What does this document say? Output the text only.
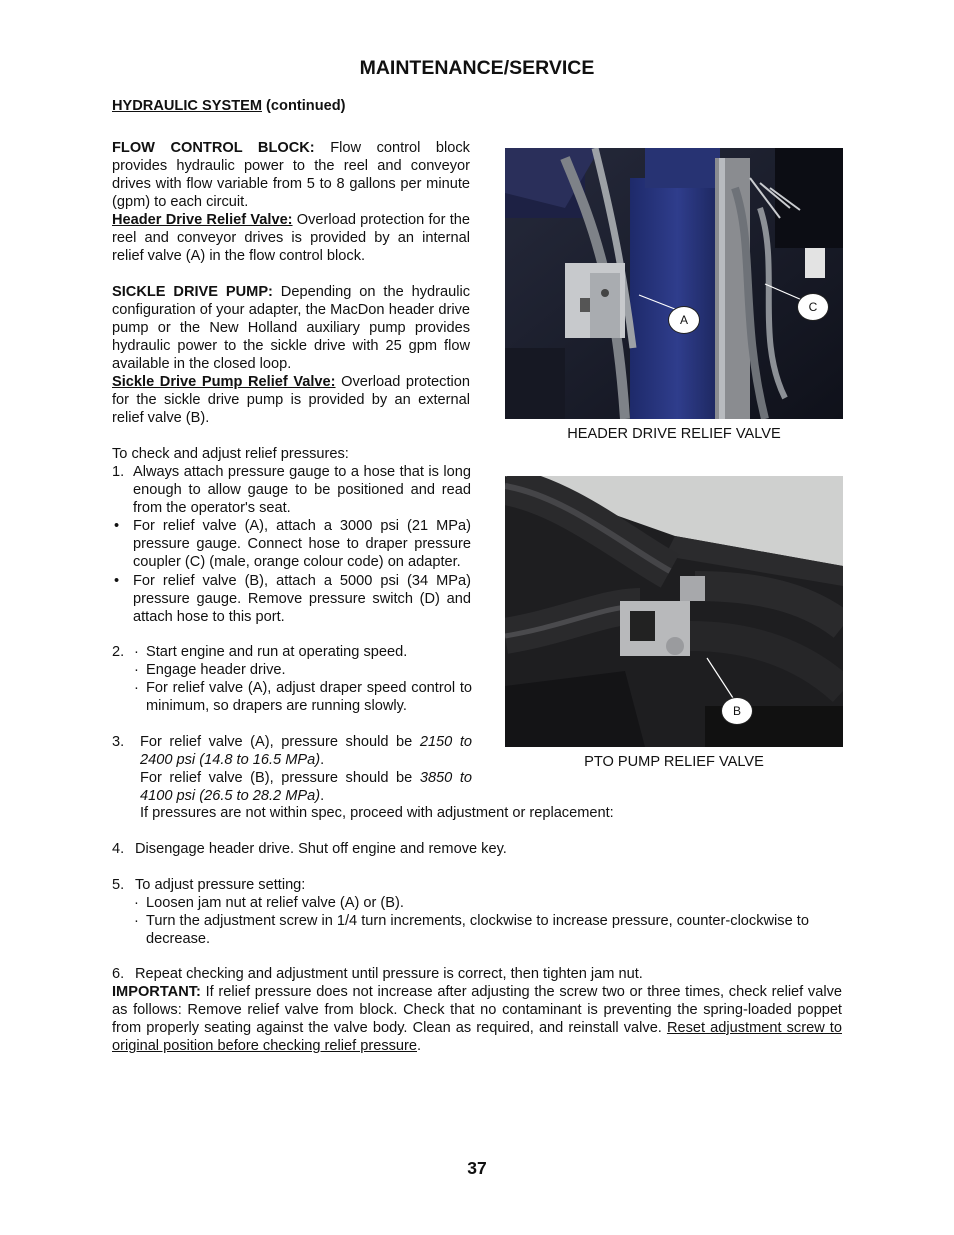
MAINTENANCE/SERVICE
HYDRAULIC SYSTEM (continued)
FLOW CONTROL BLOCK: Flow control block provides hydraulic power to the reel and conveyor drives with flow variable from 5 to 8 gallons per minute (gpm) to each circuit.
Header Drive Relief Valve: Overload protection for the reel and conveyor drives is provided by an internal relief valve (A) in the flow control block.
SICKLE DRIVE PUMP: Depending on the hydraulic configuration of your adapter, the MacDon header drive pump or the New Holland auxiliary pump provides hydraulic power to the sickle drive with 25 gpm flow available in the closed loop.
Sickle Drive Pump Relief Valve: Overload protection for the sickle drive pump is provided by an external relief valve (B).
To check and adjust relief pressures:
1. Always attach pressure gauge to a hose that is long enough to allow gauge to be positioned and read from the operator's seat.
• For relief valve (A), attach a 3000 psi (21 MPa) pressure gauge. Connect hose to draper pressure coupler (C) (male, orange colour code) on adapter.
• For relief valve (B), attach a 5000 psi (34 MPa) pressure gauge. Remove pressure switch (D) and attach hose to this port.
2. · Start engine and run at operating speed.
· Engage header drive.
· For relief valve (A), adjust draper speed control to minimum, so drapers are running slowly.
3. For relief valve (A), pressure should be 2150 to 2400 psi (14.8 to 16.5 MPa).
For relief valve (B), pressure should be 3850 to 4100 psi (26.5 to 28.2 MPa).
If pressures are not within spec, proceed with adjustment or replacement:
4. Disengage header drive. Shut off engine and remove key.
5. To adjust pressure setting:
· Loosen jam nut at relief valve (A) or (B).
· Turn the adjustment screw in 1/4 turn increments, clockwise to increase pressure, counter-clockwise to decrease.
6. Repeat checking and adjustment until pressure is correct, then tighten jam nut.
IMPORTANT: If relief pressure does not increase after adjusting the screw two or three times, check relief valve as follows: Remove relief valve from block. Check that no contaminant is preventing the spring-loaded poppet from properly seating against the valve body. Clean as required, and reinstall valve. Reset adjustment screw to original position before checking relief pressure.
A
C
HEADER DRIVE RELIEF VALVE
B
PTO PUMP RELIEF VALVE
37
